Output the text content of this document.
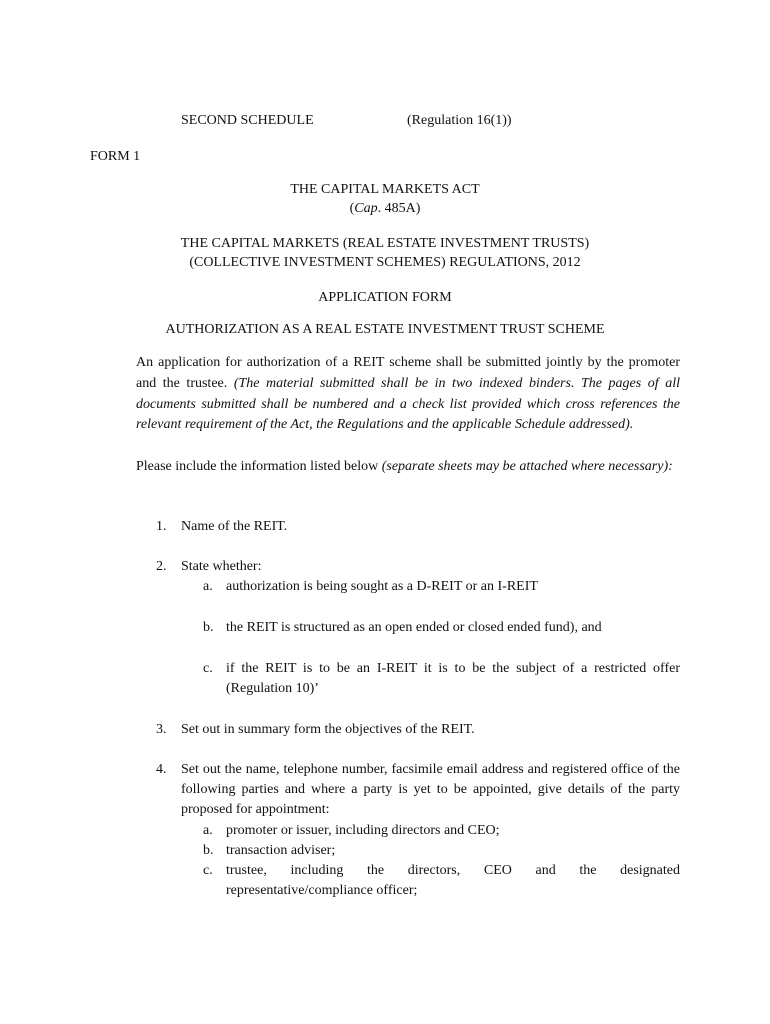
SECOND SCHEDULE	(Regulation 16(1))
FORM 1
THE CAPITAL MARKETS ACT
(Cap. 485A)
THE CAPITAL MARKETS (REAL ESTATE INVESTMENT TRUSTS)
(COLLECTIVE INVESTMENT SCHEMES) REGULATIONS, 2012
APPLICATION FORM
AUTHORIZATION AS A REAL ESTATE INVESTMENT TRUST SCHEME
An application for authorization of a REIT scheme shall be submitted jointly by the promoter and the trustee. (The material submitted shall be in two indexed binders. The pages of all documents submitted shall be numbered and a check list provided which cross references the relevant requirement of the Act, the Regulations and the applicable Schedule addressed).
Please include the information listed below (separate sheets may be attached where necessary):
1. Name of the REIT.
2. State whether:
a. authorization is being sought as a D-REIT or an I-REIT
b. the REIT is structured as an open ended or closed ended fund), and
c. if the REIT is to be an I-REIT it is to be the subject of a restricted offer (Regulation 10)’
3. Set out in summary form the objectives of the REIT.
4. Set out the name, telephone number, facsimile email address and registered office of the following parties and where a party is yet to be appointed, give details of the party proposed for appointment:
a. promoter or issuer, including directors and CEO;
b. transaction adviser;
c. trustee,   including   the   directors,   CEO   and   the   designated
representative/compliance officer;
